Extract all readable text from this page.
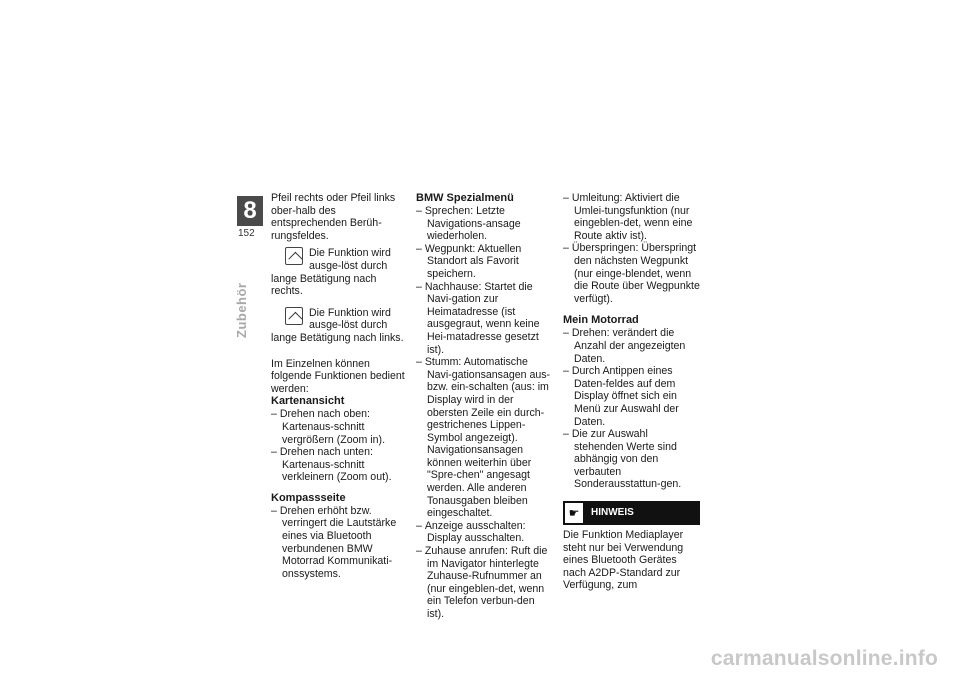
8
152
Zubehör

Pfeil rechts oder Pfeil links ober-halb des entsprechenden Berüh-rungsfeldes.

Die Funktion wird ausge-löst durch lange Betätigung nach rechts.
Die Funktion wird ausge-löst durch lange Betätigung nach links.

Im Einzelnen können folgende Funktionen bedient werden:

Kartenansicht

– Drehen nach oben: Kartenaus-schnitt vergrößern (Zoom in).
– Drehen nach unten: Kartenaus-schnitt verkleinern (Zoom out).

Kompassseite

– Drehen erhöht bzw. verringert die Lautstärke eines via Bluetooth verbundenen BMW Motorrad Kommunikati-onssystems.

BMW Spezialmenü

– Sprechen: Letzte Navigations-ansage wiederholen.
– Wegpunkt: Aktuellen Standort als Favorit speichern.
– Nachhause: Startet die Navi-gation zur Heimatadresse (ist ausgegraut, wenn keine Hei-matadresse gesetzt ist).
– Stumm: Automatische Navi-gationsansagen aus- bzw. ein-schalten (aus: im Display wird in der obersten Zeile ein durch-gestrichenes Lippen-Symbol angezeigt). Navigationsansagen können weiterhin über "Spre-chen" angesagt werden. Alle anderen Tonausgaben bleiben eingeschaltet.
– Anzeige ausschalten: Display ausschalten.
– Zuhause anrufen: Ruft die im Navigator hinterlegte Zuhause-Rufnummer an (nur eingeblen-det, wenn ein Telefon verbun-den ist).
– Umleitung: Aktiviert die Umlei-tungsfunktion (nur eingeblen-det, wenn eine Route aktiv ist).
– Überspringen: Überspringt den nächsten Wegpunkt (nur einge-blendet, wenn die Route über Wegpunkte verfügt).

Mein Motorrad

– Drehen: verändert die Anzahl der angezeigten Daten.
– Durch Antippen eines Daten-feldes auf dem Display öffnet sich ein Menü zur Auswahl der Daten.
– Die zur Auswahl stehenden Werte sind abhängig von den verbauten Sonderausstattun-gen.
☛	HINWEIS

Die Funktion Mediaplayer steht nur bei Verwendung eines Bluetooth Gerätes nach A2DP-Standard zur Verfügung, zum

carmanualsonline.info
